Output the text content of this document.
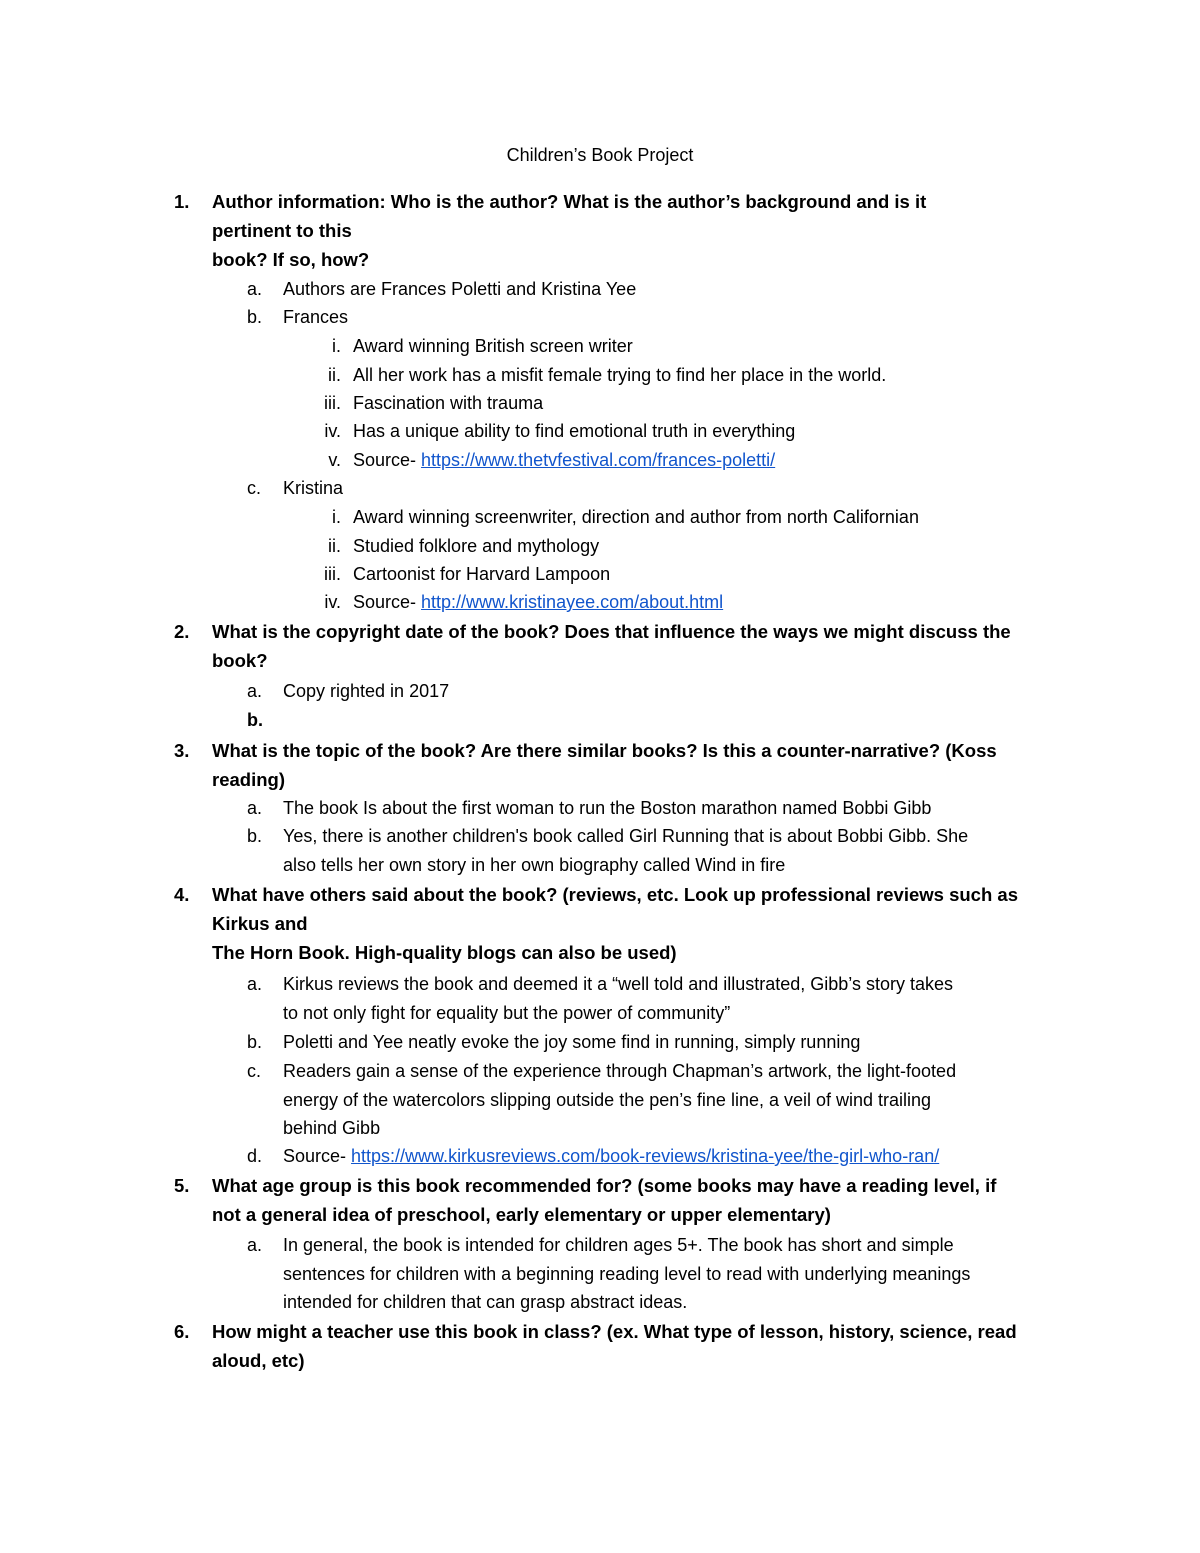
Children’s Book Project
1.	Author information: Who is the author? What is the author’s background and is it
pertinent to this
book? If so, how?
a.	Authors are Frances Poletti and Kristina Yee
b.	Frances
i. Award winning British screen writer
ii. All her work has a misfit female trying to find her place in the world.
iii. Fascination with trauma
iv. Has a unique ability to find emotional truth in everything
v. Source- https://www.thetvfestival.com/frances-poletti/
c.	Kristina
i. Award winning screenwriter, direction and author from north Californian
ii. Studied folklore and mythology
iii. Cartoonist for Harvard Lampoon
iv. Source- http://www.kristinayee.com/about.html
2.	What is the copyright date of the book? Does that influence the ways we might discuss the
book?
a.	Copy righted in 2017
b.
3.	What is the topic of the book? Are there similar books? Is this a counter-narrative? (Koss
reading)
a.	The book Is about the first woman to run the Boston marathon named Bobbi Gibb
b.	Yes, there is another children's book called Girl Running that is about Bobbi Gibb. She
also tells her own story in her own biography called Wind in fire
4.	What have others said about the book? (reviews, etc. Look up professional reviews such as
Kirkus and
The Horn Book. High-quality blogs can also be used)
a.	Kirkus reviews the book and deemed it a “well told and illustrated, Gibb’s story takes
to not only fight for equality but the power of community”
b.	Poletti and Yee neatly evoke the joy some find in running, simply running
c.	Readers gain a sense of the experience through Chapman’s artwork, the light-footed
energy of the watercolors slipping outside the pen’s fine line, a veil of wind trailing
behind Gibb
d.	Source- https://www.kirkusreviews.com/book-reviews/kristina-yee/the-girl-who-ran/
5.	What age group is this book recommended for? (some books may have a reading level, if
not a general idea of preschool, early elementary or upper elementary)
a.	In general, the book is intended for children ages 5+. The book has short and simple
sentences for children with a beginning reading level to read with underlying meanings
intended for children that can grasp abstract ideas.
6.	How might a teacher use this book in class? (ex. What type of lesson, history, science, read
aloud, etc)
